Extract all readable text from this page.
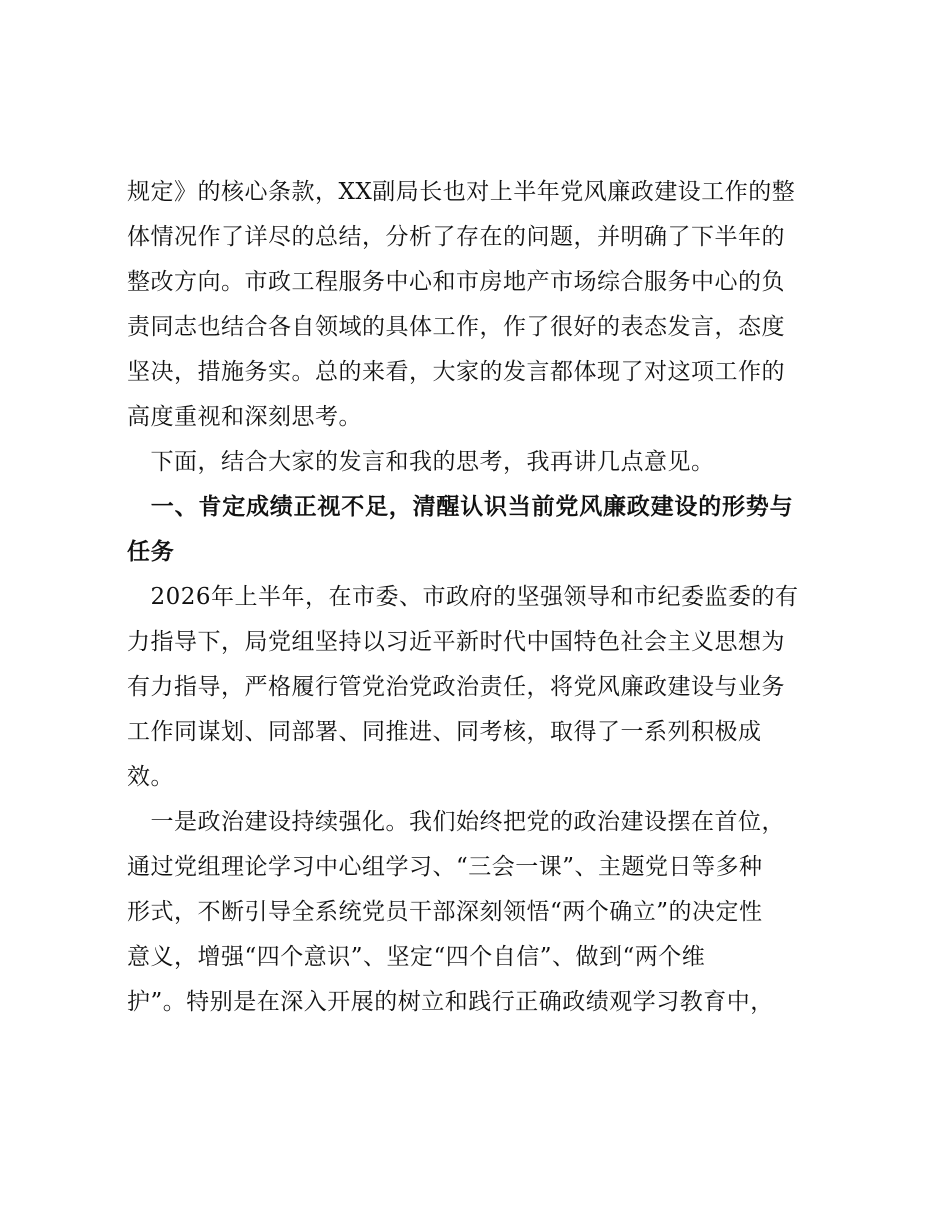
规定》的核心条款，XX副局长也对上半年党风廉政建设工作的整
体情况作了详尽的总结，分析了存在的问题，并明确了下半年的
整改方向。市政工程服务中心和市房地产市场综合服务中心的负
责同志也结合各自领域的具体工作，作了很好的表态发言，态度
坚决，措施务实。总的来看，大家的发言都体现了对这项工作的
高度重视和深刻思考。
　下面，结合大家的发言和我的思考，我再讲几点意见。
　一、肯定成绩正视不足，清醒认识当前党风廉政建设的形势与
任务
　2026年上半年，在市委、市政府的坚强领导和市纪委监委的有
力指导下，局党组坚持以习近平新时代中国特色社会主义思想为
有力指导，严格履行管党治党政治责任，将党风廉政建设与业务
工作同谋划、同部署、同推进、同考核，取得了一系列积极成
效。
　一是政治建设持续强化。我们始终把党的政治建设摆在首位，
通过党组理论学习中心组学习、“三会一课”、主题党日等多种
形式，不断引导全系统党员干部深刻领悟“两个确立”的决定性
意义，增强“四个意识”、坚定“四个自信”、做到“两个维
护”。特别是在深入开展的树立和践行正确政绩观学习教育中，
